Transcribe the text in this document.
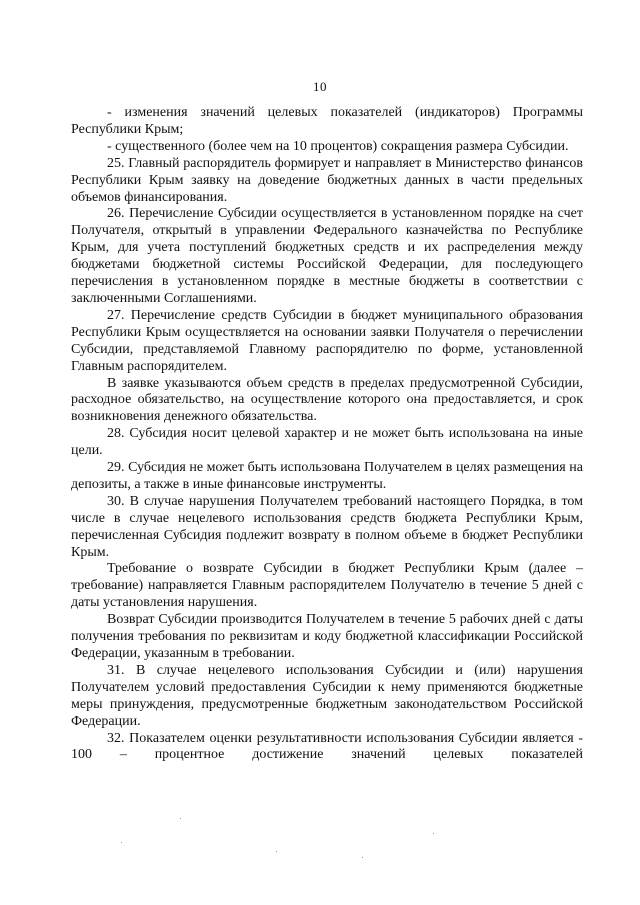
10

- изменения значений целевых показателей (индикаторов) Программы Республики Крым;

- существенного (более чем на 10 процентов) сокращения размера Субсидии.

25. Главный распорядитель формирует и направляет в Министерство финансов Республики Крым заявку на доведение бюджетных данных в части предельных объемов финансирования.

26. Перечисление Субсидии осуществляется в установленном порядке на счет Получателя, открытый в управлении Федерального казначейства по Республике Крым, для учета поступлений бюджетных средств и их распределения между бюджетами бюджетной системы Российской Федерации, для последующего перечисления в установленном порядке в местные бюджеты в соответствии с заключенными Соглашениями.

27. Перечисление средств Субсидии в бюджет муниципального образования Республики Крым осуществляется на основании заявки Получателя о перечислении Субсидии, представляемой Главному распорядителю по форме, установленной Главным распорядителем.

В заявке указываются объем средств в пределах предусмотренной Субсидии, расходное обязательство, на осуществление которого она предоставляется, и срок возникновения денежного обязательства.

28. Субсидия носит целевой характер и не может быть использована на иные цели.

29. Субсидия не может быть использована Получателем в целях размещения на депозиты, а также в иные финансовые инструменты.

30. В случае нарушения Получателем требований настоящего Порядка, в том числе в случае нецелевого использования средств бюджета Республики Крым, перечисленная Субсидия подлежит возврату в полном объеме в бюджет Республики Крым.

Требование о возврате Субсидии в бюджет Республики Крым (далее – требование) направляется Главным распорядителем Получателю в течение 5 дней с даты установления нарушения.

Возврат Субсидии производится Получателем в течение 5 рабочих дней с даты получения требования по реквизитам и коду бюджетной классификации Российской Федерации, указанным в требовании.

31. В случае нецелевого использования Субсидии и (или) нарушения Получателем условий предоставления Субсидии к нему применяются бюджетные меры принуждения, предусмотренные бюджетным законодательством Российской Федерации.

32. Показателем оценки результативности использования Субсидии является - 100 – процентное достижение значений целевых показателей
